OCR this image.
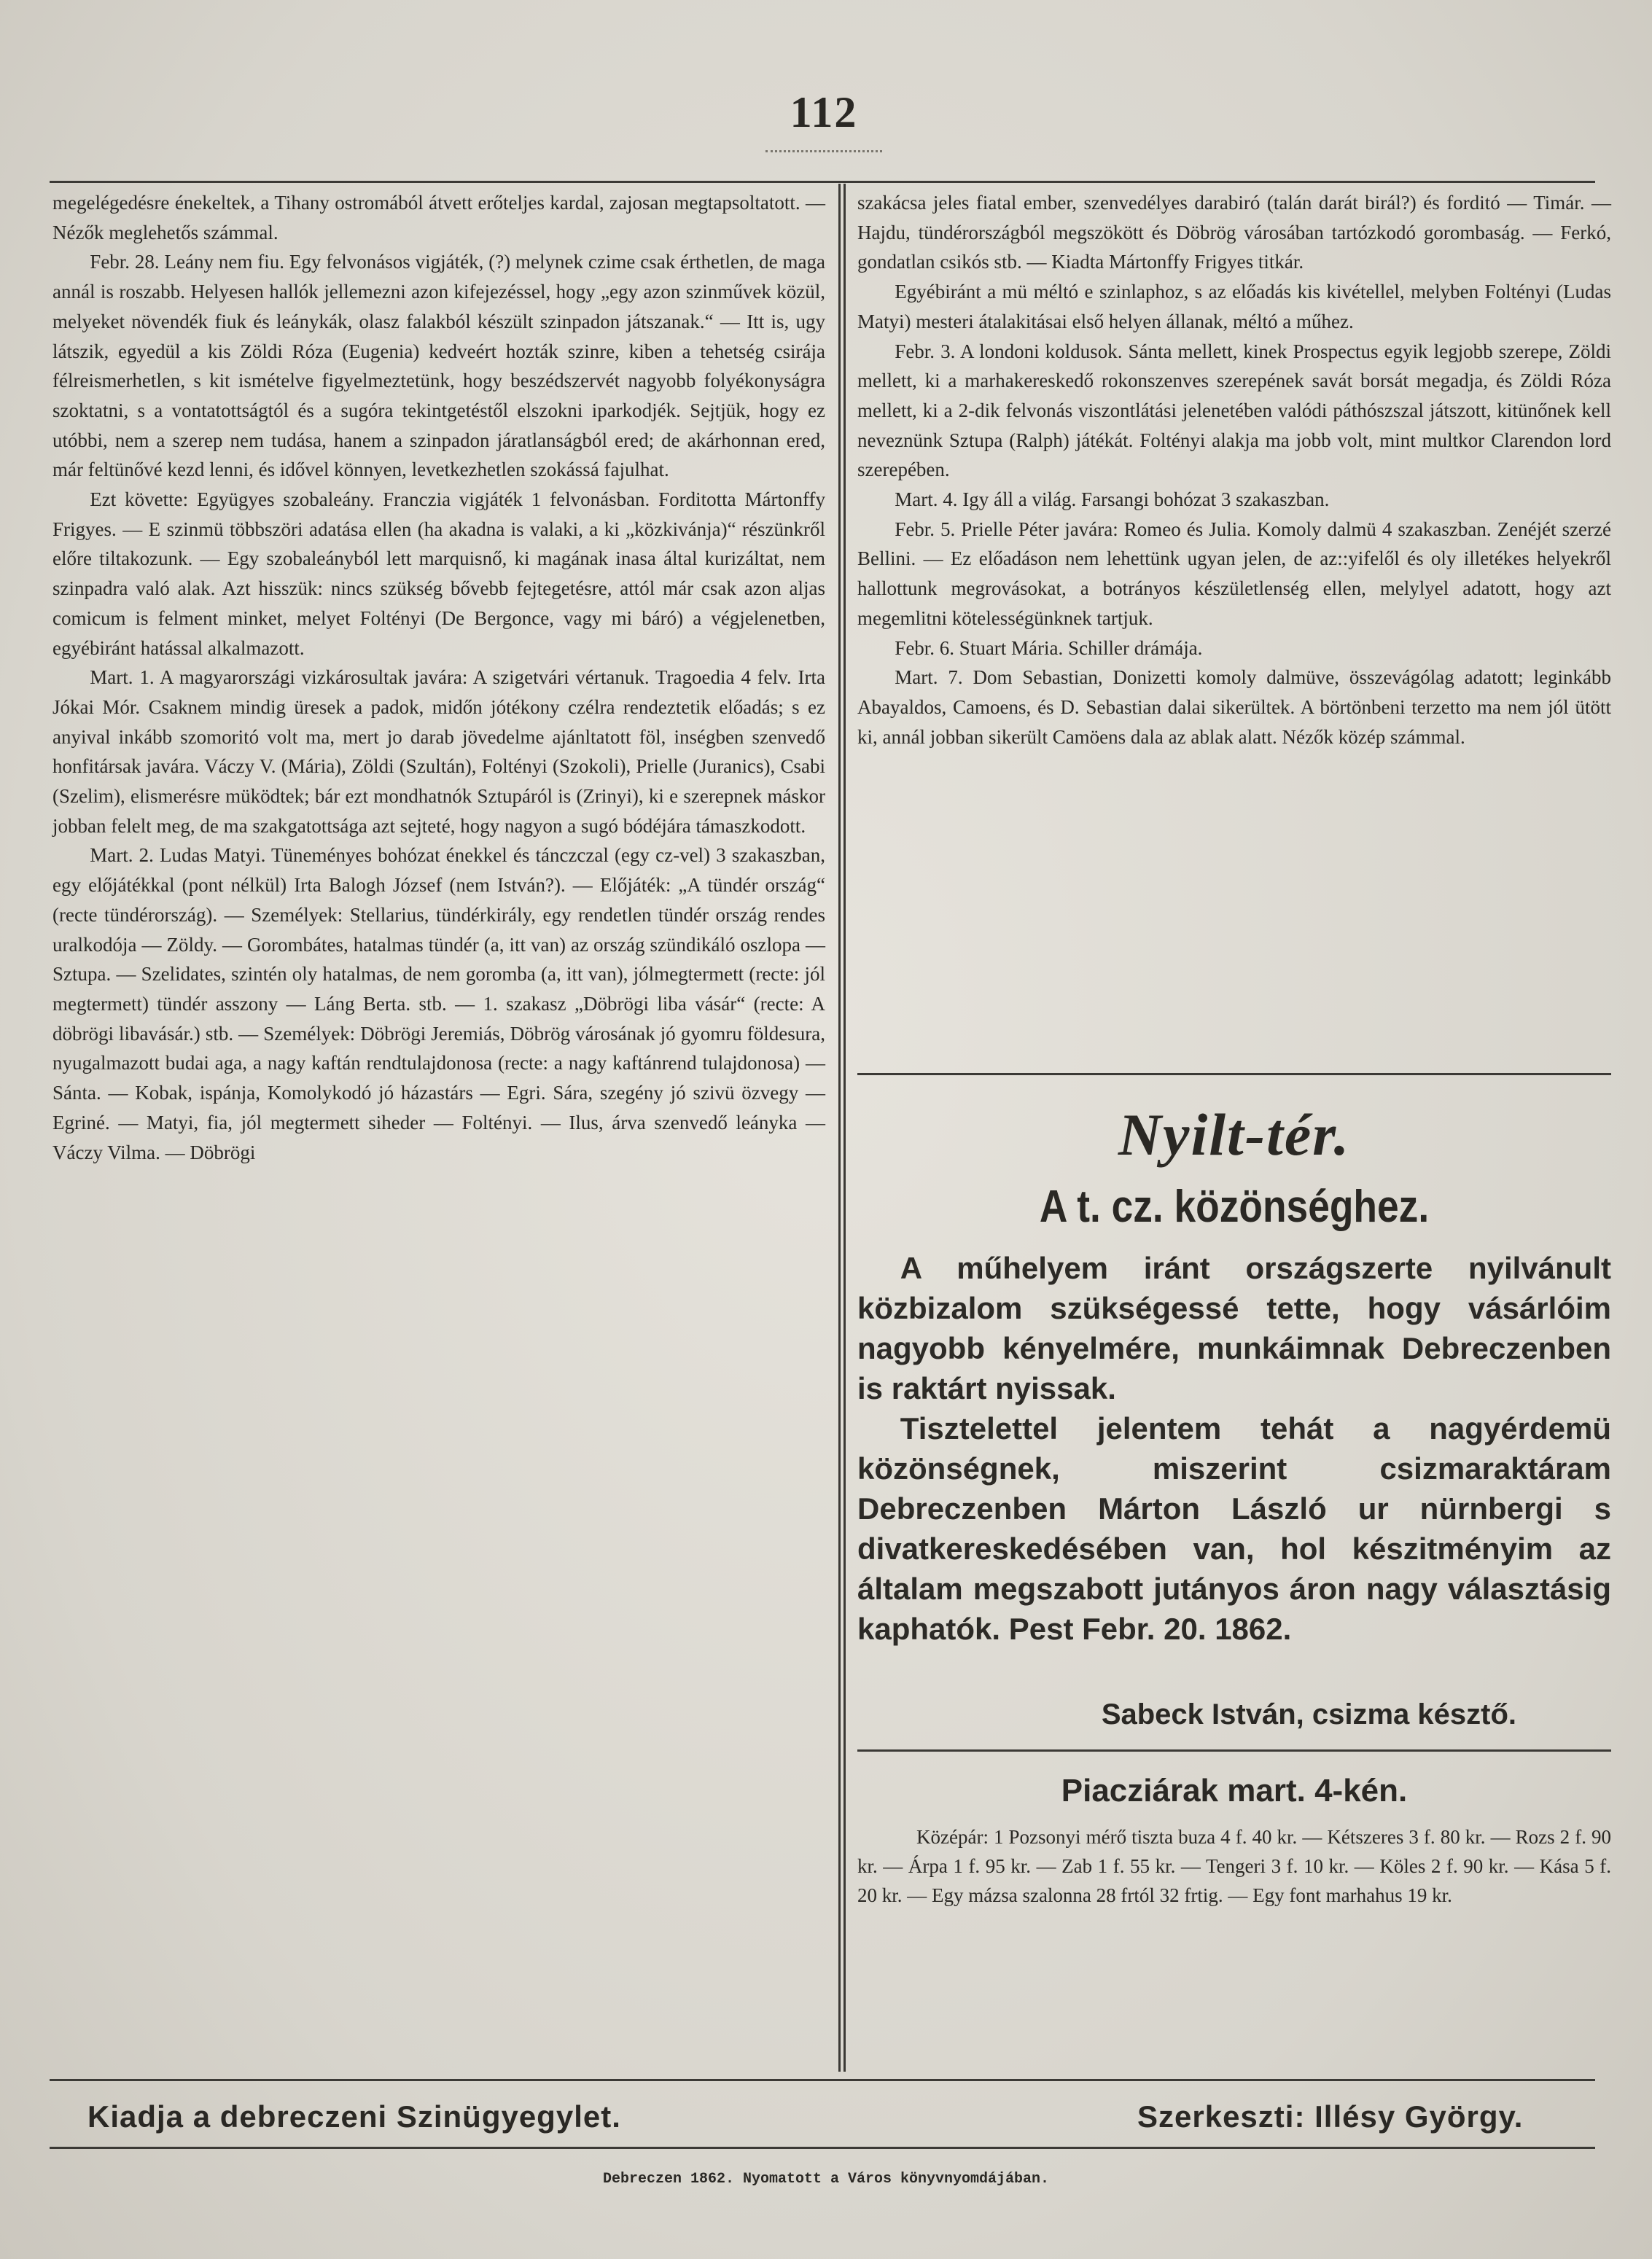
112

megelégedésre énekeltek, a Tihany ostromából átvett erőteljes kardal, zajosan megtapsoltatott. — Nézők meglehetős számmal.

Febr. 28. Leány nem fiu. Egy felvonásos vigjáték, (?) melynek czime csak érthetlen, de maga annál is roszabb. Helyesen hallók jellemezni azon kifejezéssel, hogy „egy azon szinművek közül, melyeket növendék fiuk és leánykák, olasz falakból készült szinpadon játszanak.“ — Itt is, ugy látszik, egyedül a kis Zöldi Róza (Eugenia) kedveért hozták szinre, kiben a tehetség csirája félreismerhetlen, s kit ismételve figyelmeztetünk, hogy beszédszervét nagyobb folyékonyságra szoktatni, s a vontatottságtól és a sugóra tekintgetéstől elszokni iparkodjék. Sejtjük, hogy ez utóbbi, nem a szerep nem tudása, hanem a szinpadon járatlanságból ered; de akárhonnan ered, már feltünővé kezd lenni, és idővel könnyen, levetkezhetlen szokássá fajulhat.

Ezt követte: Együgyes szobaleány. Franczia vigjáték 1 felvonásban. Forditotta Mártonffy Frigyes. — E szinmü többszöri adatása ellen (ha akadna is valaki, a ki „közkivánja)“ részünkről előre tiltakozunk. — Egy szobaleányból lett marquisnő, ki magának inasa által kurizáltat, nem szinpadra való alak. Azt hisszük: nincs szükség bővebb fejtegetésre, attól már csak azon aljas comicum is felment minket, melyet Foltényi (De Bergonce, vagy mi báró) a végjelenetben, egyébiránt hatással alkalmazott.

Mart. 1. A magyarországi vizkárosultak javára: A szigetvári vértanuk. Tragoedia 4 felv. Irta Jókai Mór. Csaknem mindig üresek a padok, midőn jótékony czélra rendeztetik előadás; s ez anyival inkább szomoritó volt ma, mert jo darab jövedelme ajánltatott föl, inségben szenvedő honfitársak javára. Váczy V. (Mária), Zöldi (Szultán), Foltényi (Szokoli), Prielle (Juranics), Csabi (Szelim), elismerésre müködtek; bár ezt mondhatnók Sztupáról is (Zrinyi), ki e szerepnek máskor jobban felelt meg, de ma szakgatottsága azt sejteté, hogy nagyon a sugó bódéjára támaszkodott.

Mart. 2. Ludas Matyi. Tüneményes bohózat énekkel és tánczczal (egy cz-vel) 3 szakaszban, egy előjátékkal (pont nélkül) Irta Balogh József (nem István?). — Előjáték: „A tündér ország“ (recte tündérország). — Személyek: Stellarius, tündérkirály, egy rendetlen tündér ország rendes uralkodója — Zöldy. — Gorombátes, hatalmas tündér (a, itt van) az ország szündikáló oszlopa — Sztupa. — Szelidates, szintén oly hatalmas, de nem goromba (a, itt van), jólmegtermett (recte: jól megtermett) tündér asszony — Láng Berta. stb. — 1. szakasz „Döbrögi liba vásár“ (recte: A döbrögi libavásár.) stb. — Személyek: Döbrögi Jeremiás, Döbrög városának jó gyomru földesura, nyugalmazott budai aga, a nagy kaftán rendtulajdonosa (recte: a nagy kaftánrend tulajdonosa) — Sánta. — Kobak, ispánja, Komolykodó jó házastárs — Egri. Sára, szegény jó szivü özvegy — Egriné. — Matyi, fia, jól megtermett siheder — Foltényi. — Ilus, árva szenvedő leányka — Váczy Vilma. — Döbrögi

szakácsa jeles fiatal ember, szenvedélyes darabiró (talán darát birál?) és forditó — Timár. — Hajdu, tündérországból megszökött és Döbrög városában tartózkodó gorombaság. — Ferkó, gondatlan csikós stb. — Kiadta Mártonffy Frigyes titkár.

Egyébiránt a mü méltó e szinlaphoz, s az előadás kis kivétellel, melyben Foltényi (Ludas Matyi) mesteri átalakitásai első helyen állanak, méltó a műhez.

Febr. 3. A londoni koldusok. Sánta mellett, kinek Prospectus egyik legjobb szerepe, Zöldi mellett, ki a marhakereskedő rokonszenves szerepének savát borsát megadja, és Zöldi Róza mellett, ki a 2-dik felvonás viszontlátási jelenetében valódi páthószszal játszott, kitünőnek kell neveznünk Sztupa (Ralph) játékát. Foltényi alakja ma jobb volt, mint multkor Clarendon lord szerepében.

Mart. 4. Igy áll a világ. Farsangi bohózat 3 szakaszban.

Febr. 5. Prielle Péter javára: Romeo és Julia. Komoly dalmü 4 szakaszban. Zenéjét szerzé Bellini. — Ez előadáson nem lehettünk ugyan jelen, de az::yifelől és oly illetékes helyekről hallottunk megrovásokat, a botrányos készületlenség ellen, melylyel adatott, hogy azt megemlitni kötelességünknek tartjuk.

Febr. 6. Stuart Mária. Schiller drámája.

Mart. 7. Dom Sebastian, Donizetti komoly dalmüve, összevágólag adatott; leginkább Abayaldos, Camoens, és D. Sebastian dalai sikerültek. A börtönbeni terzetto ma nem jól ütött ki, annál jobban sikerült Camöens dala az ablak alatt. Nézők közép számmal.

Nyilt-tér.
A t. cz. közönséghez.

A műhelyem iránt országszerte nyilvánult közbizalom szükségessé tette, hogy vásárlóim nagyobb kényelmére, munkáimnak Debreczenben is raktárt nyissak.

Tisztelettel jelentem tehát a nagyérdemü közönségnek, miszerint csizmaraktáram Debreczenben Márton László ur nürnbergi s divatkereskedésében van, hol készitményim az általam megszabott jutányos áron nagy választásig kaphatók. Pest Febr. 20. 1862.

Sabeck István, csizma késztő.
Piacziárak mart. 4-kén.

Középár: 1 Pozsonyi mérő tiszta buza 4 f. 40 kr. — Kétszeres 3 f. 80 kr. — Rozs 2 f. 90 kr. — Árpa 1 f. 95 kr. — Zab 1 f. 55 kr. — Tengeri 3 f. 10 kr. — Köles 2 f. 90 kr. — Kása 5 f. 20 kr. — Egy mázsa szalonna 28 frtól 32 frtig. — Egy font marhahus 19 kr.

Kiadja a debreczeni Szinügyegylet.	Szerkeszti: Illésy György.
Debreczen 1862. Nyomatott a Város könyvnyomdájában.
